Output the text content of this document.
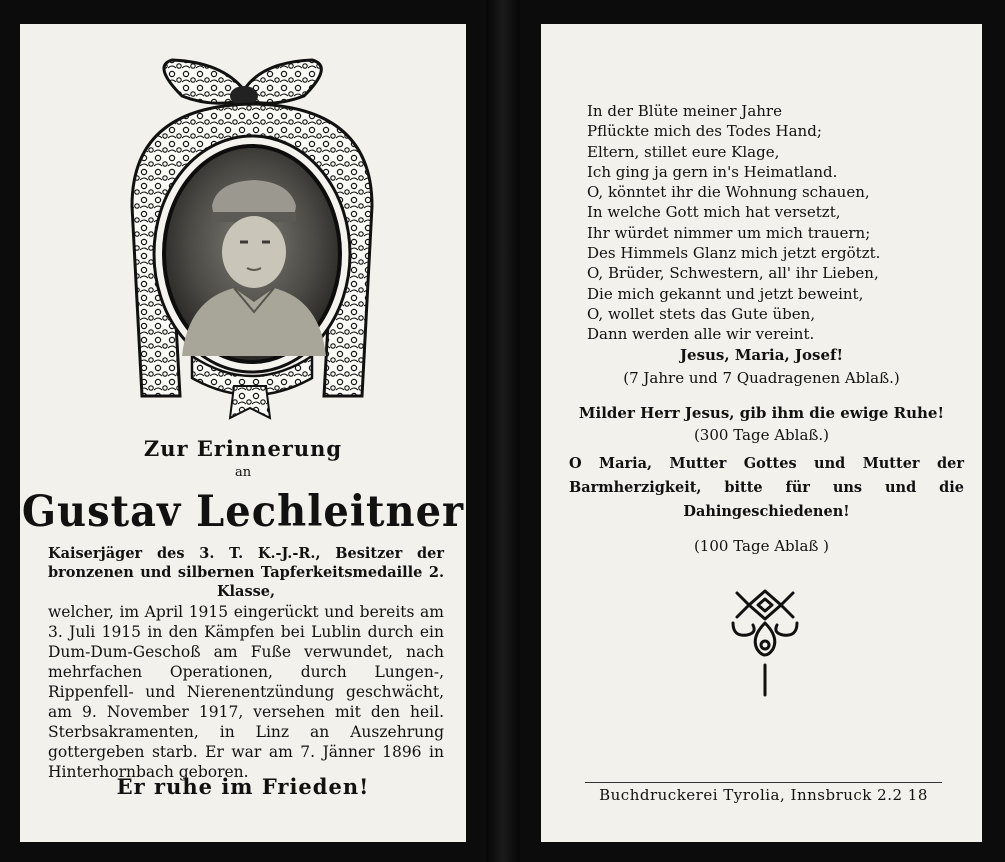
Zur Erinnerung
an
Gustav Lechleitner
Kaiserjäger des 3. T. K.-J.-R., Besitzer der bronzenen und silbernen Tapferkeitsmedaille 2. Klasse,
welcher, im April 1915 eingerückt und bereits am 3. Juli 1915 in den Kämpfen bei Lublin durch ein Dum-Dum-Geschoß am Fuße verwundet, nach mehrfachen Operationen, durch Lungen-, Rippenfell- und Nierenentzündung geschwächt, am 9. November 1917, versehen mit den heil. Sterbsakramenten, in Linz an Auszehrung gottergeben starb. Er war am 7. Jänner 1896 in Hinterhornbach geboren.
Er ruhe im Frieden!
In der Blüte meiner Jahre
Pflückte mich des Todes Hand;
Eltern, stillet eure Klage,
Ich ging ja gern in's Heimatland.
O, könntet ihr die Wohnung schauen,
In welche Gott mich hat versetzt,
Ihr würdet nimmer um mich trauern;
Des Himmels Glanz mich jetzt ergötzt.
O, Brüder, Schwestern, all' ihr Lieben,
Die mich gekannt und jetzt beweint,
O, wollet stets das Gute üben,
Dann werden alle wir vereint.
Jesus, Maria, Josef!
(7 Jahre und 7 Quadragenen Ablaß.)
Milder Herr Jesus, gib ihm die ewige Ruhe!
(300 Tage Ablaß.)
O Maria, Mutter Gottes und Mutter der Barmherzigkeit, bitte für uns und die Dahingeschiedenen!
(100 Tage Ablaß )
Buchdruckerei Tyrolia, Innsbruck 2.2 18
